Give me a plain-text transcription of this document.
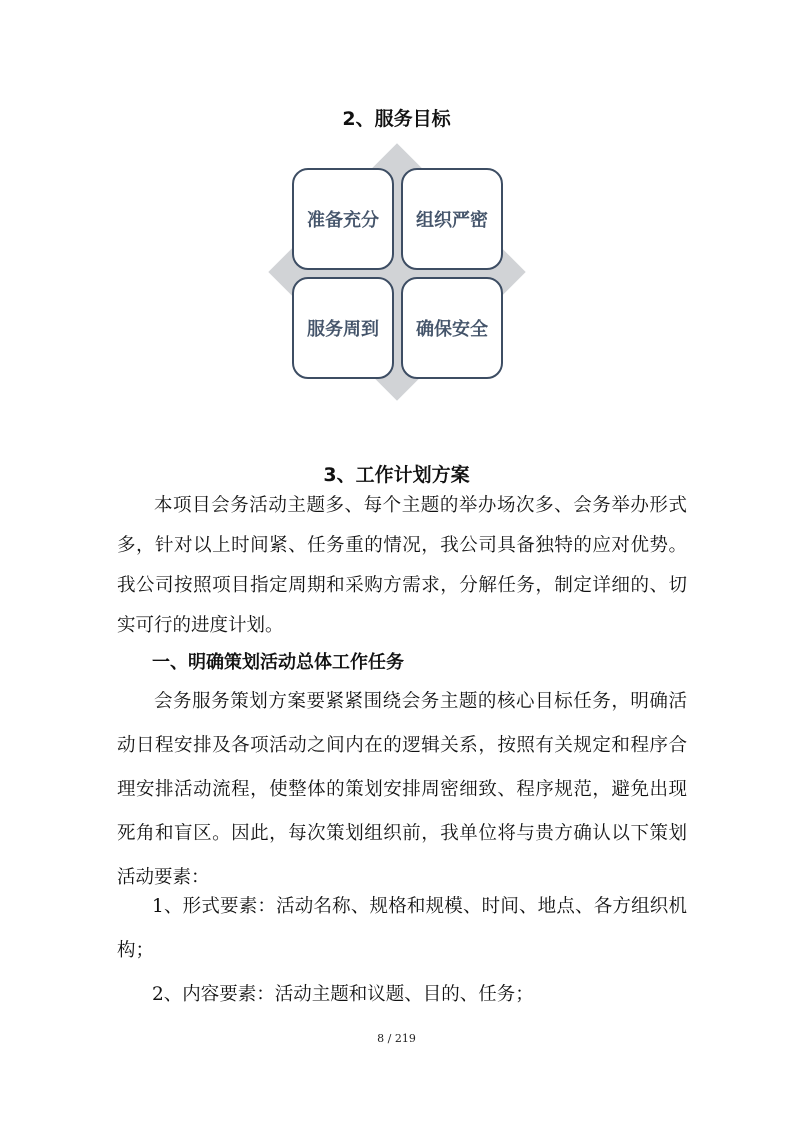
2、服务目标
准备充分 组织严密
服务周到 确保安全
3、工作计划方案
本项目会务活动主题多、每个主题的举办场次多、会务举办形式多，针对以上时间紧、任务重的情况，我公司具备独特的应对优势。我公司按照项目指定周期和采购方需求，分解任务，制定详细的、切实可行的进度计划。
一、明确策划活动总体工作任务
会务服务策划方案要紧紧围绕会务主题的核心目标任务，明确活动日程安排及各项活动之间内在的逻辑关系，按照有关规定和程序合理安排活动流程，使整体的策划安排周密细致、程序规范，避免出现死角和盲区。因此，每次策划组织前，我单位将与贵方确认以下策划活动要素：
1、形式要素：活动名称、规格和规模、时间、地点、各方组织机构；
2、内容要素：活动主题和议题、目的、任务；
8 / 219
